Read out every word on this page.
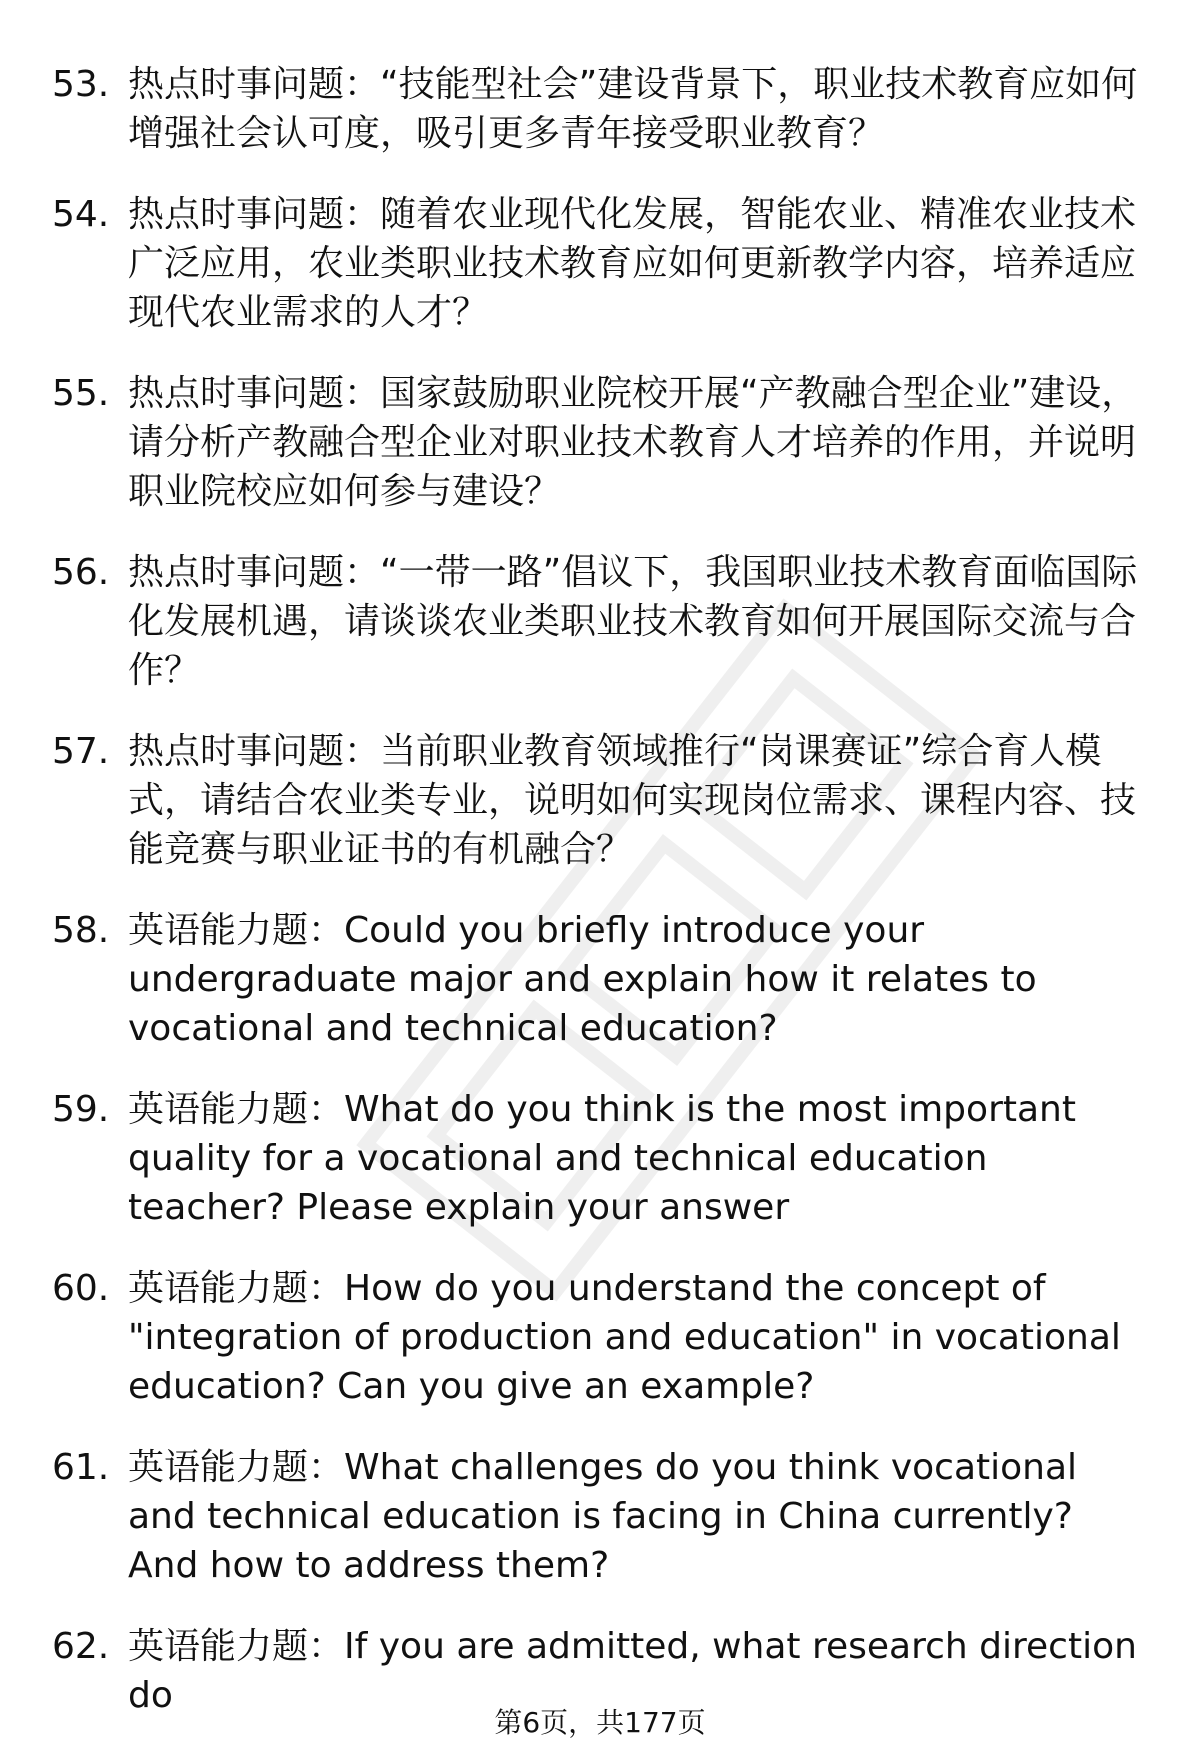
53. 热点时事问题：“技能型社会”建设背景下，职业技术教育应如何增强社会认可度，吸引更多青年接受职业教育？
54. 热点时事问题：随着农业现代化发展，智能农业、精准农业技术广泛应用，农业类职业技术教育应如何更新教学内容，培养适应现代农业需求的人才？
55. 热点时事问题：国家鼓励职业院校开展“产教融合型企业”建设，请分析产教融合型企业对职业技术教育人才培养的作用，并说明职业院校应如何参与建设？
56. 热点时事问题：“一带一路”倡议下，我国职业技术教育面临国际化发展机遇，请谈谈农业类职业技术教育如何开展国际交流与合作？
57. 热点时事问题：当前职业教育领域推行“岗课赛证”综合育人模式，请结合农业类专业，说明如何实现岗位需求、课程内容、技能竞赛与职业证书的有机融合？
58. 英语能力题：Could you briefly introduce your undergraduate major and explain how it relates to vocational and technical education?
59. 英语能力题：What do you think is the most important quality for a vocational and technical education teacher? Please explain your answer
60. 英语能力题：How do you understand the concept of "integration of production and education" in vocational education? Can you give an example?
61. 英语能力题：What challenges do you think vocational and technical education is facing in China currently? And how to address them?
62. 英语能力题：If you are admitted, what research direction do
第6页，共177页
